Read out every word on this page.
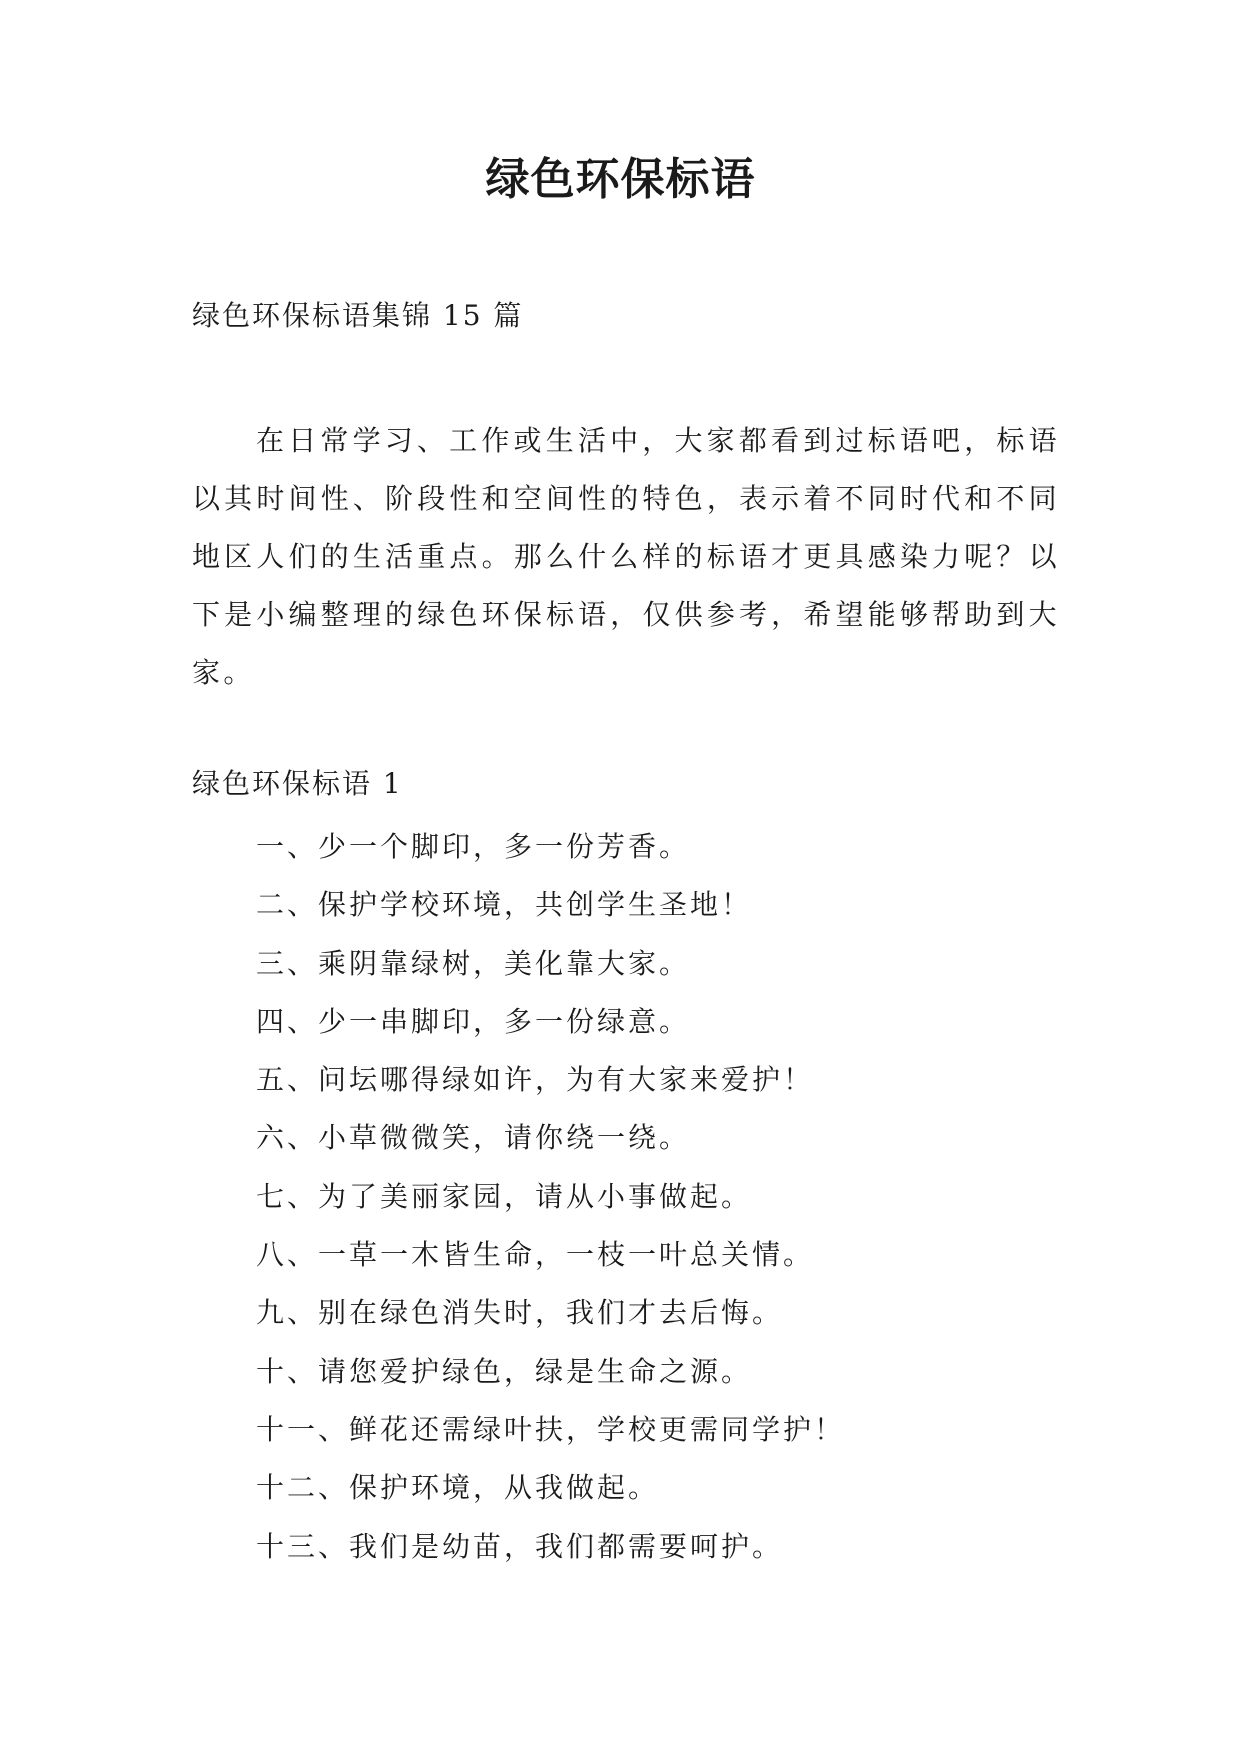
绿色环保标语

绿色环保标语集锦 15 篇

在日常学习、工作或生活中，大家都看到过标语吧，标语以其时间性、阶段性和空间性的特色，表示着不同时代和不同地区人们的生活重点。那么什么样的标语才更具感染力呢？以下是小编整理的绿色环保标语，仅供参考，希望能够帮助到大家。

绿色环保标语 1

一、少一个脚印，多一份芳香。
二、保护学校环境，共创学生圣地！
三、乘阴靠绿树，美化靠大家。
四、少一串脚印，多一份绿意。
五、问坛哪得绿如许，为有大家来爱护！
六、小草微微笑，请你绕一绕。
七、为了美丽家园，请从小事做起。
八、一草一木皆生命，一枝一叶总关情。
九、别在绿色消失时，我们才去后悔。
十、请您爱护绿色，绿是生命之源。
十一、鲜花还需绿叶扶，学校更需同学护！
十二、保护环境，从我做起。
十三、我们是幼苗，我们都需要呵护。
